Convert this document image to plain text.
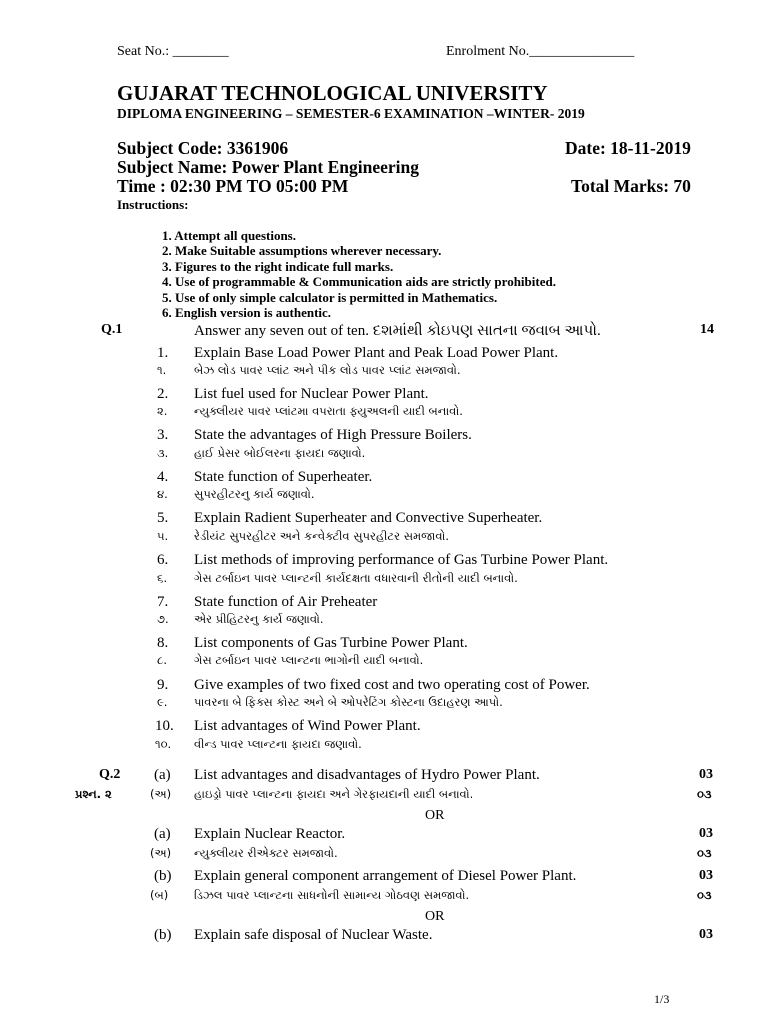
Seat No.: ________	Enrolment No._______________
GUJARAT TECHNOLOGICAL UNIVERSITY
DIPLOMA ENGINEERING – SEMESTER-6 EXAMINATION –WINTER- 2019
Subject Code: 3361906	Date: 18-11-2019
Subject Name: Power Plant Engineering
Time : 02:30 PM TO 05:00 PM	Total Marks: 70
Instructions:
1. Attempt all questions.
2. Make Suitable assumptions wherever necessary.
3. Figures to the right indicate full marks.
4. Use of programmable & Communication aids are strictly prohibited.
5. Use of only simple calculator is permitted in Mathematics.
6. English version is authentic.
Q.1	Answer any seven out of ten. દશમાંથી કોઇપણ સાતના જવાબ આપો.	14
1. Explain Base Load Power Plant and Peak Load Power Plant.
૧. બેઝ લોડ પાવર પ્લાંટ અને પીક લોડ પાવર પ્લાંટ સમજાવો.
2. List fuel used for Nuclear Power Plant.
૨. ન્યુક્લીયર પાવર પ્લાંટમા વપરાતા ફ્યુઅલની યાદી બનાવો.
3. State the advantages of High Pressure Boilers.
૩. હાઈ પ્રેસર બોઈલરના ફાયદા જણાવો.
4. State function of Superheater.
૪. સુપરહીટરનુ કાર્ય જણાવો.
5. Explain Radient Superheater and Convective Superheater.
૫. રેડીયંટ સુપરહીટર અને કન્વેક્ટીવ સુપરહીટર સમજાવો.
6. List methods of improving performance of Gas Turbine Power Plant.
૬. ગેસ ટર્બાઇન પાવર પ્લાન્ટની કાર્યદક્ષતા વધારવાની રીતોની યાદી બનાવો.
7. State function of Air Preheater
૭. એર પ્રીહિટરનુ કાર્ય જણાવો.
8. List components of Gas Turbine Power Plant.
૮. ગેસ ટર્બાઇન પાવર પ્લાન્ટના ભાગોની યાદી બનાવો.
9. Give examples of two fixed cost and two operating cost of Power.
૯. પાવરના બે ફિક્સ કોસ્ટ અને બે ઓપરેટિંગ કોસ્ટના ઉદાહરણ આપો.
10. List advantages of Wind Power Plant.
૧૦. વીન્ડ પાવર પ્લાન્ટના ફાયદા જણાવો.
Q.2
પ્રશ્ન. ૨
(a) List advantages and disadvantages of Hydro Power Plant.	03
(અ) હાઇડ્રો પાવર પ્લાન્ટના ફાયદા અને ગેરફાયદાની યાદી બનાવો.	૦૩
OR
(a) Explain Nuclear Reactor.	03
(અ) ન્યુક્લીયર રીએક્ટર સમજાવો.	૦૩
(b) Explain general component arrangement of Diesel Power Plant.	03
(બ) ડિઝલ પાવર પ્લાન્ટના સાધનોની સામાન્ય ગોઠવણ સમજાવો.	૦૩
OR
(b) Explain safe disposal of Nuclear Waste.	03
1/3
